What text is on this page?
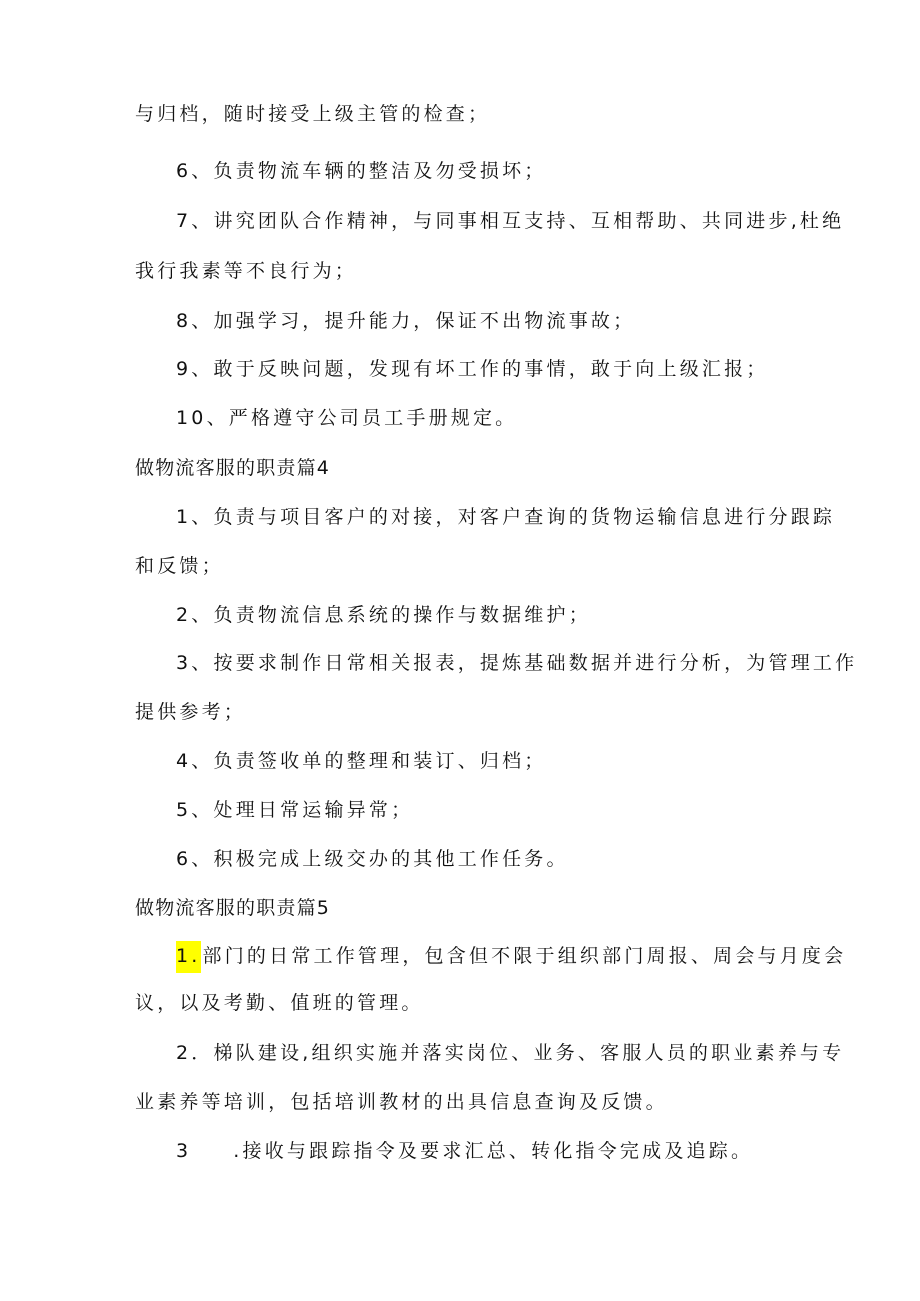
与归档，随时接受上级主管的检查；
6、负责物流车辆的整洁及勿受损坏；
7、讲究团队合作精神，与同事相互支持、互相帮助、共同进步,杜绝
我行我素等不良行为；
8、加强学习，提升能力，保证不出物流事故；
9、敢于反映问题，发现有坏工作的事情，敢于向上级汇报；
10、严格遵守公司员工手册规定。
做物流客服的职责篇4
1、负责与项目客户的对接，对客户查询的货物运输信息进行分跟踪
和反馈；
2、负责物流信息系统的操作与数据维护；
3、按要求制作日常相关报表，提炼基础数据并进行分析，为管理工作
提供参考；
4、负责签收单的整理和装订、归档；
5、处理日常运输异常；
6、积极完成上级交办的其他工作任务。
做物流客服的职责篇5
1. 部门的日常工作管理，包含但不限于组织部门周报、周会与月度会
议，以及考勤、值班的管理。
2．梯队建设,组织实施并落实岗位、业务、客服人员的职业素养与专
业素养等培训，包括培训教材的出具信息查询及反馈。
3 .接收与跟踪指令及要求汇总、转化指令完成及追踪。
